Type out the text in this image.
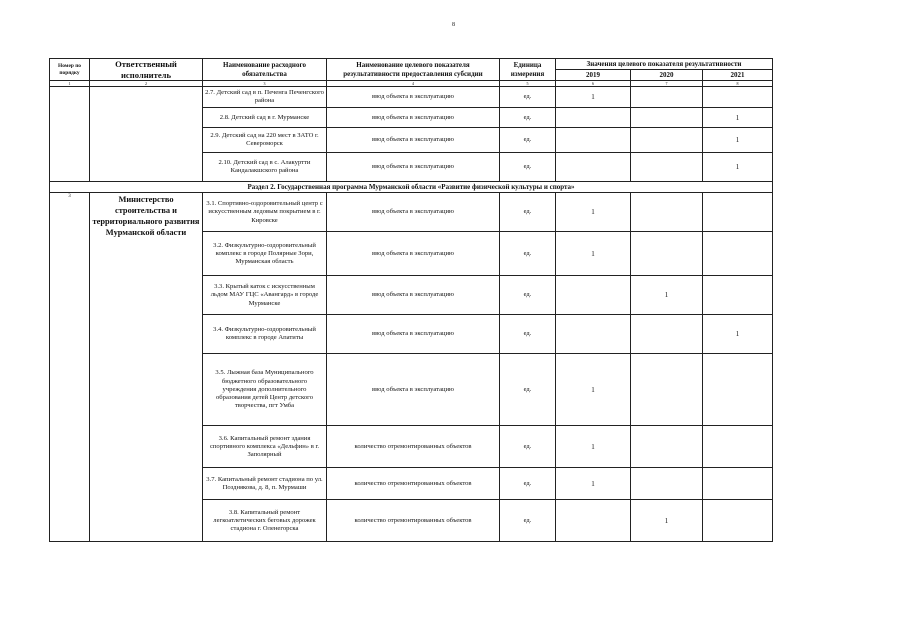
8
Номер по порядку	Ответственный исполнитель	Наименование расходного обязательства	Наименование целевого показателя результативности предоставления субсидии	Единица измерения	Значения целевого показателя результативности		
					2019	2020	2021
1	2	3	4	5	6	7	8
		2.7. Детский сад в п. Печенга Печенгского района	ввод объекта в эксплуатацию	ед.	1		
		2.8. Детский сад в г. Мурманске	ввод объекта в эксплуатацию	ед.			1
		2.9. Детский сад на 220 мест в ЗАТО г. Североморск	ввод объекта в эксплуатацию	ед.			1
		2.10. Детский сад в с. Алакуртти Кандалакшского района	ввод объекта в эксплуатацию	ед.			1
Раздел 2. Государственная программа Мурманской области «Развитие физической культуры и спорта»							
3	Министерство строительства и территориального развития Мурманской области	3.1. Спортивно-оздоровительный центр с искусственным ледовым покрытием в г. Кировске	ввод объекта в эксплуатацию	ед.	1		
		3.2. Физкультурно-оздоровительный комплекс в городе Полярные Зори, Мурманская область	ввод объекта в эксплуатацию	ед.	1		
		3.3. Крытый каток с искусственным льдом МАУ ГЦС «Авангард» в городе Мурманске	ввод объекта в эксплуатацию	ед.		1	
		3.4. Физкультурно-оздоровительный комплекс в городе Апатиты	ввод объекта в эксплуатацию	ед.			1
		3.5. Лыжная база Муниципального бюджетного образовательного учреждения дополнительного образования детей Центр детского творчества, пгт Умба	ввод объекта в эксплуатацию	ед.	1		
		3.6. Капитальный ремонт здания спортивного комплекса «Дельфин» в г. Заполярный	количество отремонтированных объектов	ед.	1		
		3.7. Капитальный ремонт стадиона по ул. Позднякова, д. 8, п. Мурмаши	количество отремонтированных объектов	ед.	1		
		3.8. Капитальный ремонт легкоатлетических беговых дорожек стадиона г. Оленегорска	количество отремонтированных объектов	ед.		1	
